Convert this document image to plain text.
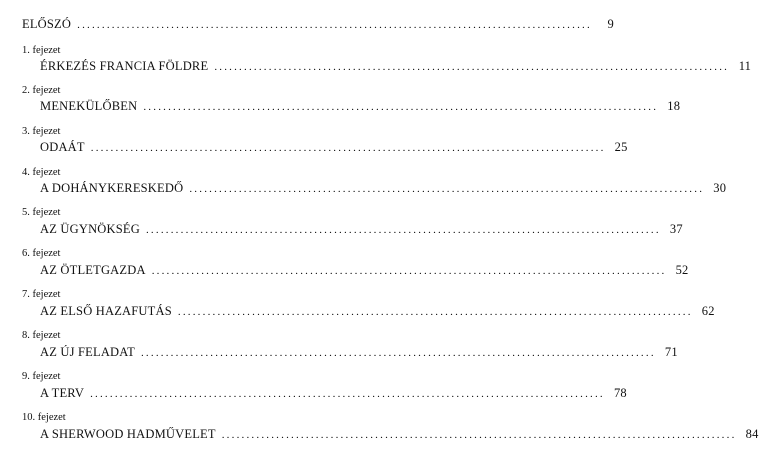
ELŐSZÓ ........................................................................................................	9
1. fejezet
ÉRKEZÉS FRANCIA FÖLDRE ........................................................................................................ 11
2. fejezet
MENEKÜLŐBEN ........................................................................................................ 18
3. fejezet
ODAÁT ........................................................................................................ 25
4. fejezet
A DOHÁNYKERESKEDŐ ........................................................................................................ 30
5. fejezet
AZ ÜGYNÖKSÉG ........................................................................................................ 37
6. fejezet
AZ ÖTLETGAZDA ........................................................................................................ 52
7. fejezet
AZ ELSŐ HAZAFUTÁS ........................................................................................................ 62
8. fejezet
AZ ÚJ FELADAT ........................................................................................................ 71
9. fejezet
A TERV ........................................................................................................ 78
10. fejezet
A SHERWOOD HADMŰVELET ........................................................................................................ 84
